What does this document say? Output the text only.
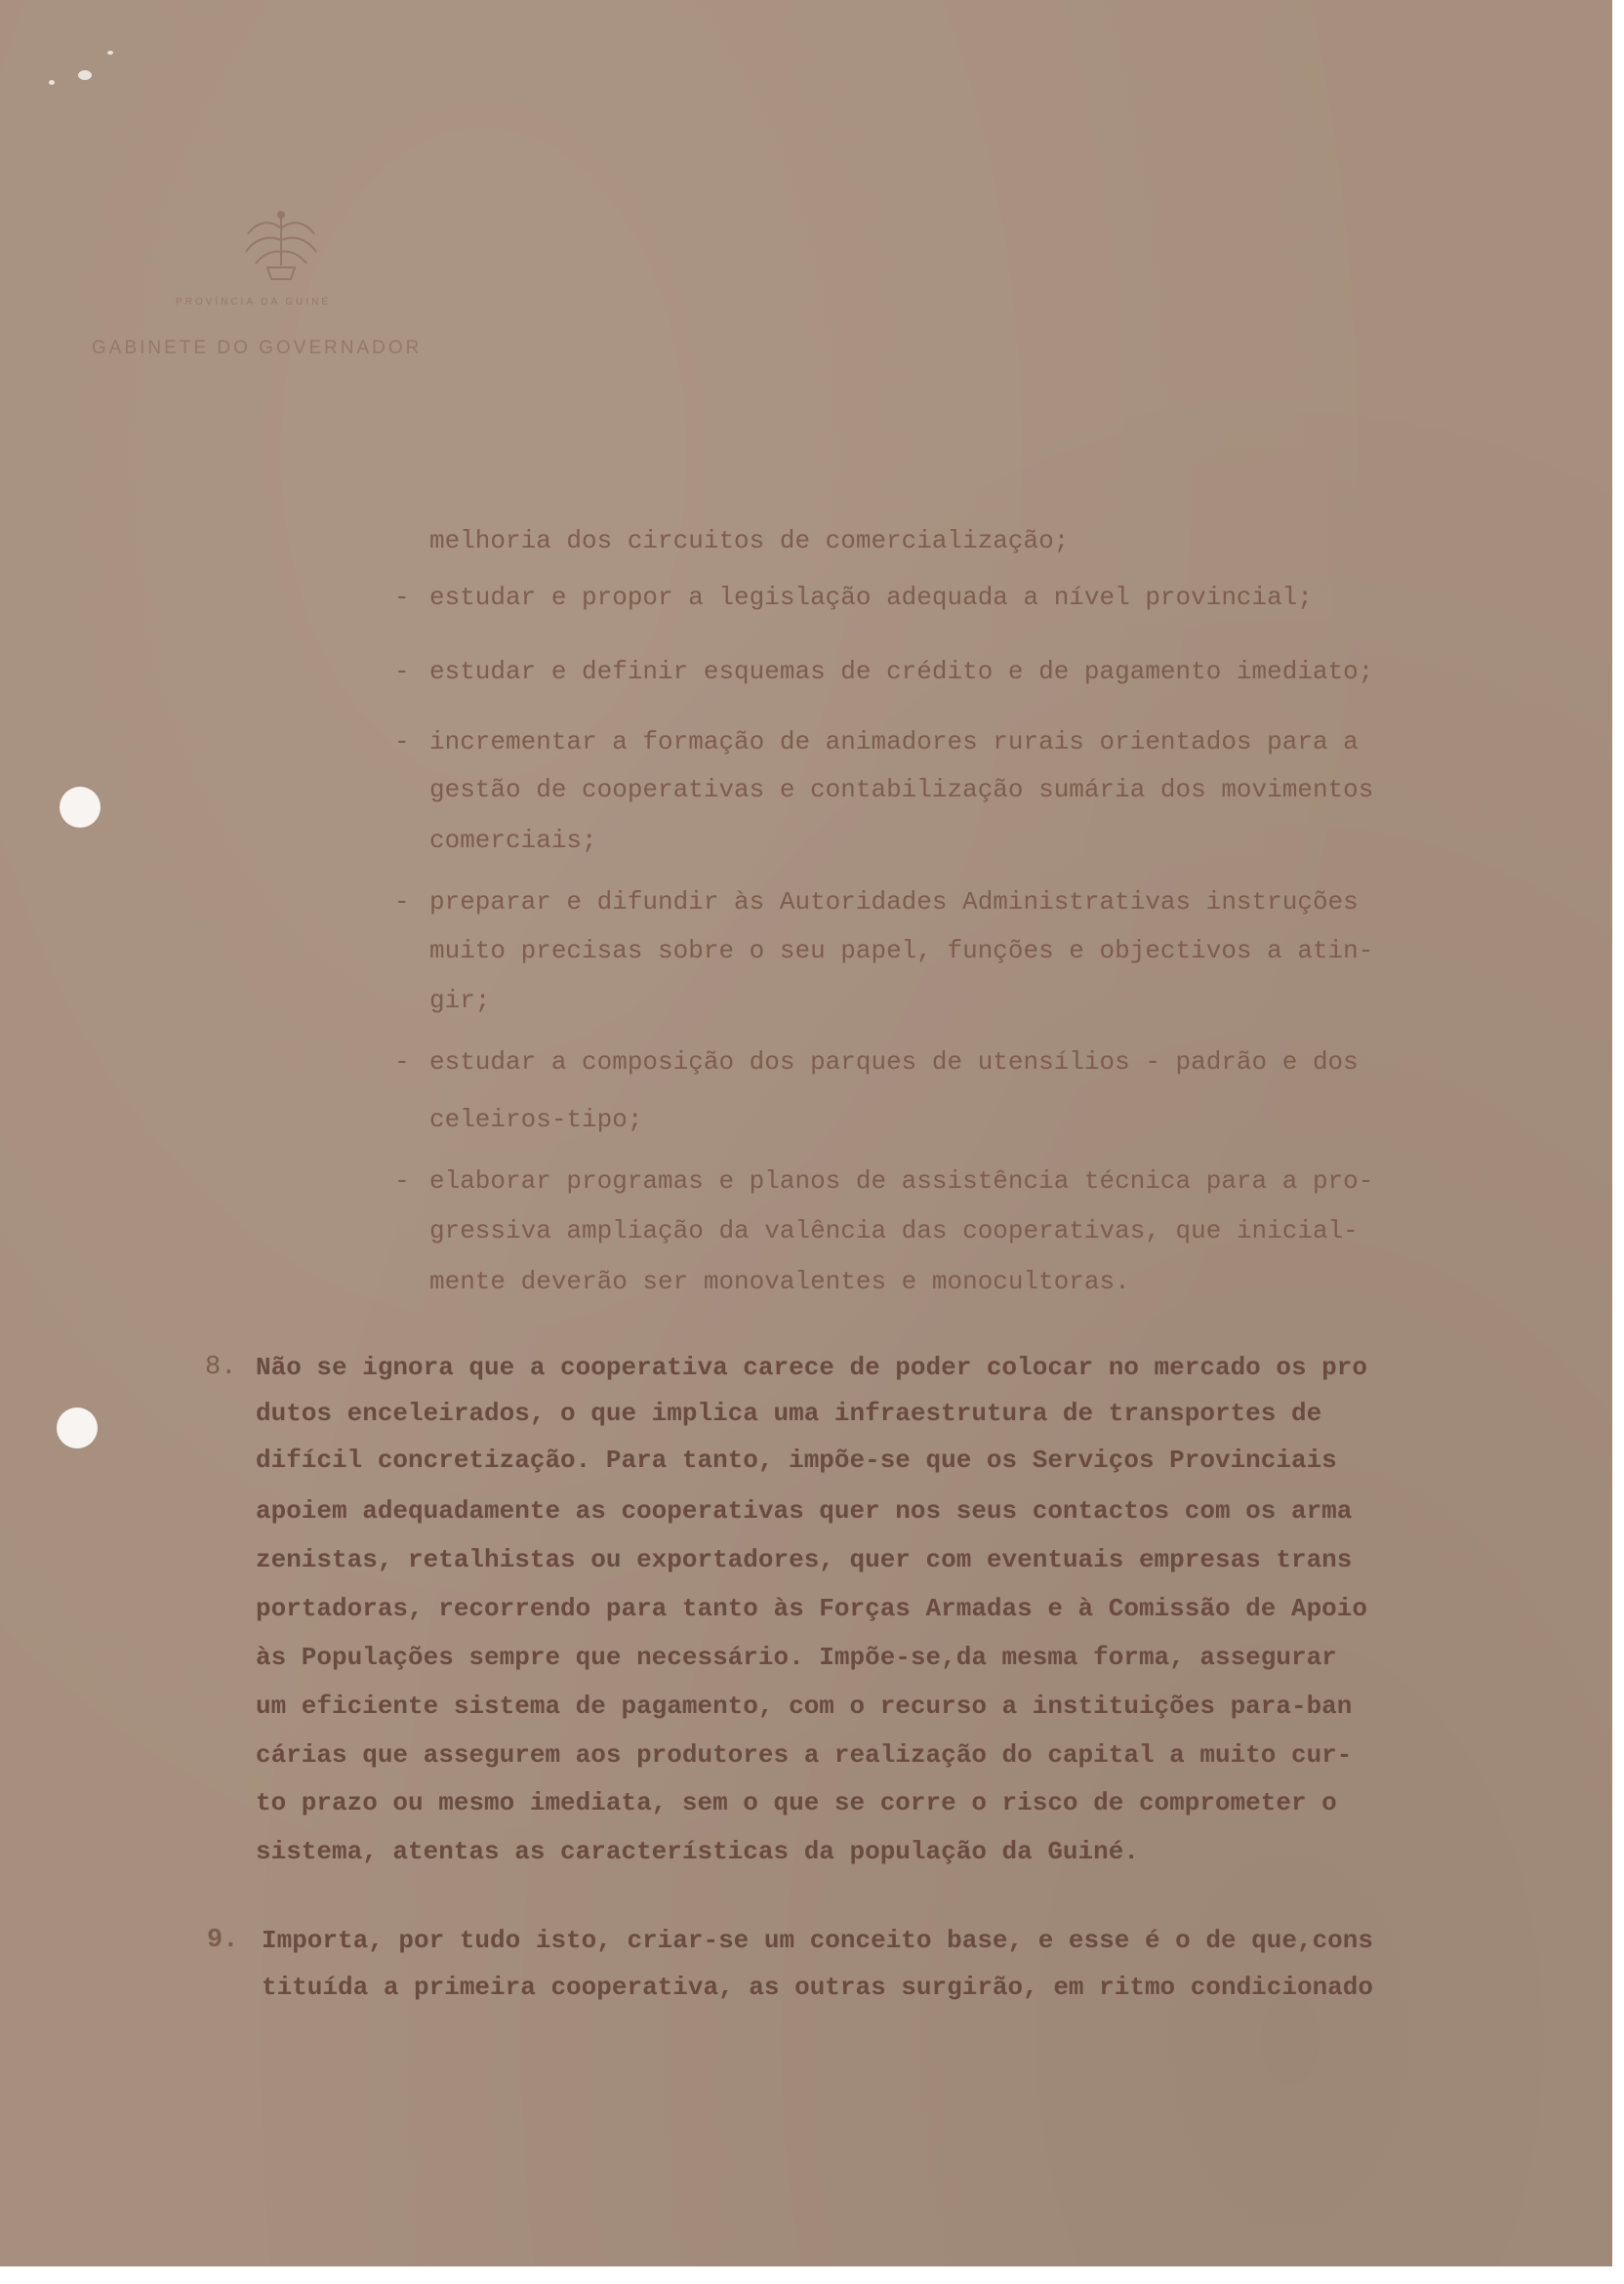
PROVÍNCIA DA GUINÉ
GABINETE DO GOVERNADOR
melhoria dos circuitos de comercialização;
- estudar e propor a legislação adequada a nível provincial;
- estudar e definir esquemas de crédito e de pagamento imediato;
- incrementar a formação de animadores rurais orientados para a
gestão de cooperativas e contabilização sumária dos movimentos
comerciais;
- preparar e difundir às Autoridades Administrativas instruções
muito precisas sobre o seu papel, funções e objectivos a atin-
gir;
- estudar a composição dos parques de utensílios - padrão e dos
celeiros-tipo;
- elaborar programas e planos de assistência técnica para a pro-
gressiva ampliação da valência das cooperativas, que inicial-
mente deverão ser monovalentes e monocultoras.
8. Não se ignora que a cooperativa carece de poder colocar no mercado os pro
dutos enceleirados, o que implica uma infraestrutura de transportes de
difícil concretização. Para tanto, impõe-se que os Serviços Provinciais
apoiem adequadamente as cooperativas quer nos seus contactos com os arma
zenistas, retalhistas ou exportadores, quer com eventuais empresas trans
portadoras, recorrendo para tanto às Forças Armadas e à Comissão de Apoio
às Populações sempre que necessário. Impõe-se,da mesma forma, assegurar
um eficiente sistema de pagamento, com o recurso a instituições para-ban
cárias que assegurem aos produtores a realização do capital a muito cur-
to prazo ou mesmo imediata, sem o que se corre o risco de comprometer o
sistema, atentas as características da população da Guiné.
9. Importa, por tudo isto, criar-se um conceito base, e esse é o de que,cons
tituída a primeira cooperativa, as outras surgirão, em ritmo condicionado
